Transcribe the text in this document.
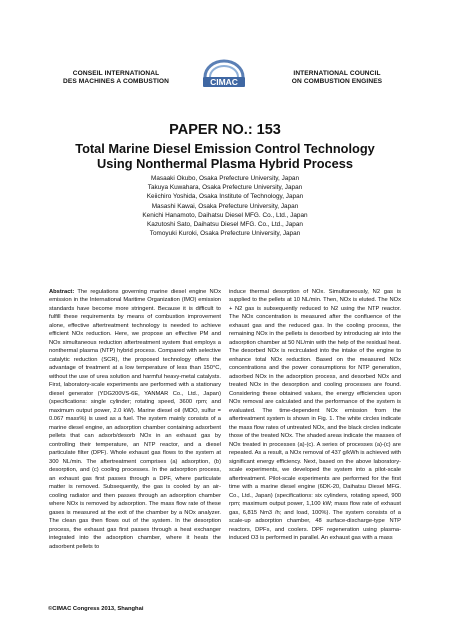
CONSEIL INTERNATIONAL
DES MACHINES A COMBUSTION	CIMAC
INTERNATIONAL COUNCIL
ON COMBUSTION ENGINES
PAPER NO.: 153
Total Marine Diesel Emission Control Technology
Using Nonthermal Plasma Hybrid Process
Masaaki Okubo, Osaka Prefecture University, Japan
Takuya Kuwahara, Osaka Prefecture University, Japan
Keiichiro Yoshida, Osaka Institute of Technology, Japan
Masashi Kawai, Osaka Prefecture University, Japan
Kenichi Hanamoto, Daihatsu Diesel MFG. Co., Ltd., Japan
Kazutoshi Sato, Daihatsu Diesel MFG. Co., Ltd., Japan
Tomoyuki Kuroki, Osaka Prefecture University, Japan
Abstract: The regulations governing marine diesel engine NOx emission in the International Maritime Organization (IMO) emission standards have become more stringent. Because it is difficult to fulfill these requirements by means of combustion improvement alone, effective aftertreatment technology is needed to achieve efficient NOx reduction. Here, we propose an effective PM and NOx simultaneous reduction aftertreatment system that employs a nonthermal plasma (NTP) hybrid process. Compared with selective catalytic reduction (SCR), the proposed technology offers the advantage of treatment at a low temperature of less than 150°C, without the use of urea solution and harmful heavy-metal catalysts. First, laboratory-scale experiments are performed with a stationary diesel generator (YDG200VS-6E, YANMAR Co., Ltd., Japan) (specifications: single cylinder; rotating speed, 3600 rpm; and maximum output power, 2.0 kW). Marine diesel oil (MDO, sulfur = 0.067 mass%) is used as a fuel. The system mainly consists of a marine diesel engine, an adsorption chamber containing adsorbent pellets that can adsorb/desorb NOx in an exhaust gas by controlling their temperature, an NTP reactor, and a diesel particulate filter (DPF). Whole exhaust gas flows to the system at 300 NL/min. The aftertreatment comprises (a) adsorption, (b) desorption, and (c) cooling processes. In the adsorption process, an exhaust gas first passes through a DPF, where particulate matter is removed. Subsequently, the gas is cooled by an air-cooling radiator and then passes through an adsorption chamber where NOx is removed by adsorption. The mass flow rate of these gases is measured at the exit of the chamber by a NOx analyzer. The clean gas then flows out of the system. In the desorption process, the exhaust gas first passes through a heat exchanger integrated into the adsorption chamber, where it heats the adsorbent pellets to
induce thermal desorption of NOx. Simultaneously, N2 gas is supplied to the pellets at 10 NL/min. Then, NOx is eluted. The NOx + N2 gas is subsequently reduced to N2 using the NTP reactor. The NOx concentration is measured after the confluence of the exhaust gas and the reduced gas. In the cooling process, the remaining NOx in the pellets is desorbed by introducing air into the adsorption chamber at 50 NL/min with the help of the residual heat. The desorbed NOx is recirculated into the intake of the engine to enhance total NOx reduction. Based on the measured NOx concentrations and the power consumptions for NTP generation, adsorbed NOx in the adsorption process, and desorbed NOx and treated NOx in the desorption and cooling processes are found. Considering these obtained values, the energy efficiencies upon NOx removal are calculated and the performance of the system is evaluated. The time-dependent NOx emission from the aftertreatment system is shown in Fig. 1. The white circles indicate the mass flow rates of untreated NOx, and the black circles indicate those of the treated NOx. The shaded areas indicate the masses of NOx treated in processes (a)-(c). A series of processes (a)-(c) are repeated. As a result, a NOx removal of 437 g/kWh is achieved with significant energy efficiency. Next, based on the above laboratory-scale experiments, we developed the system into a pilot-scale aftertreatment. Pilot-scale experiments are performed for the first time with a marine diesel engine (6DK-20, Daihatsu Diesel MFG. Co., Ltd., Japan) (specifications: six cylinders, rotating speed, 900 rpm; maximum output power, 1,100 kW; mass flow rate of exhaust gas, 6,815 Nm3 /h; and load, 100%). The system consists of a scale-up adsorption chamber, 48 surface-discharge-type NTP reactors, DPFs, and coolers. DPF regeneration using plasma-induced O3 is performed in parallel. An exhaust gas with a mass
©CIMAC Congress 2013, Shanghai
